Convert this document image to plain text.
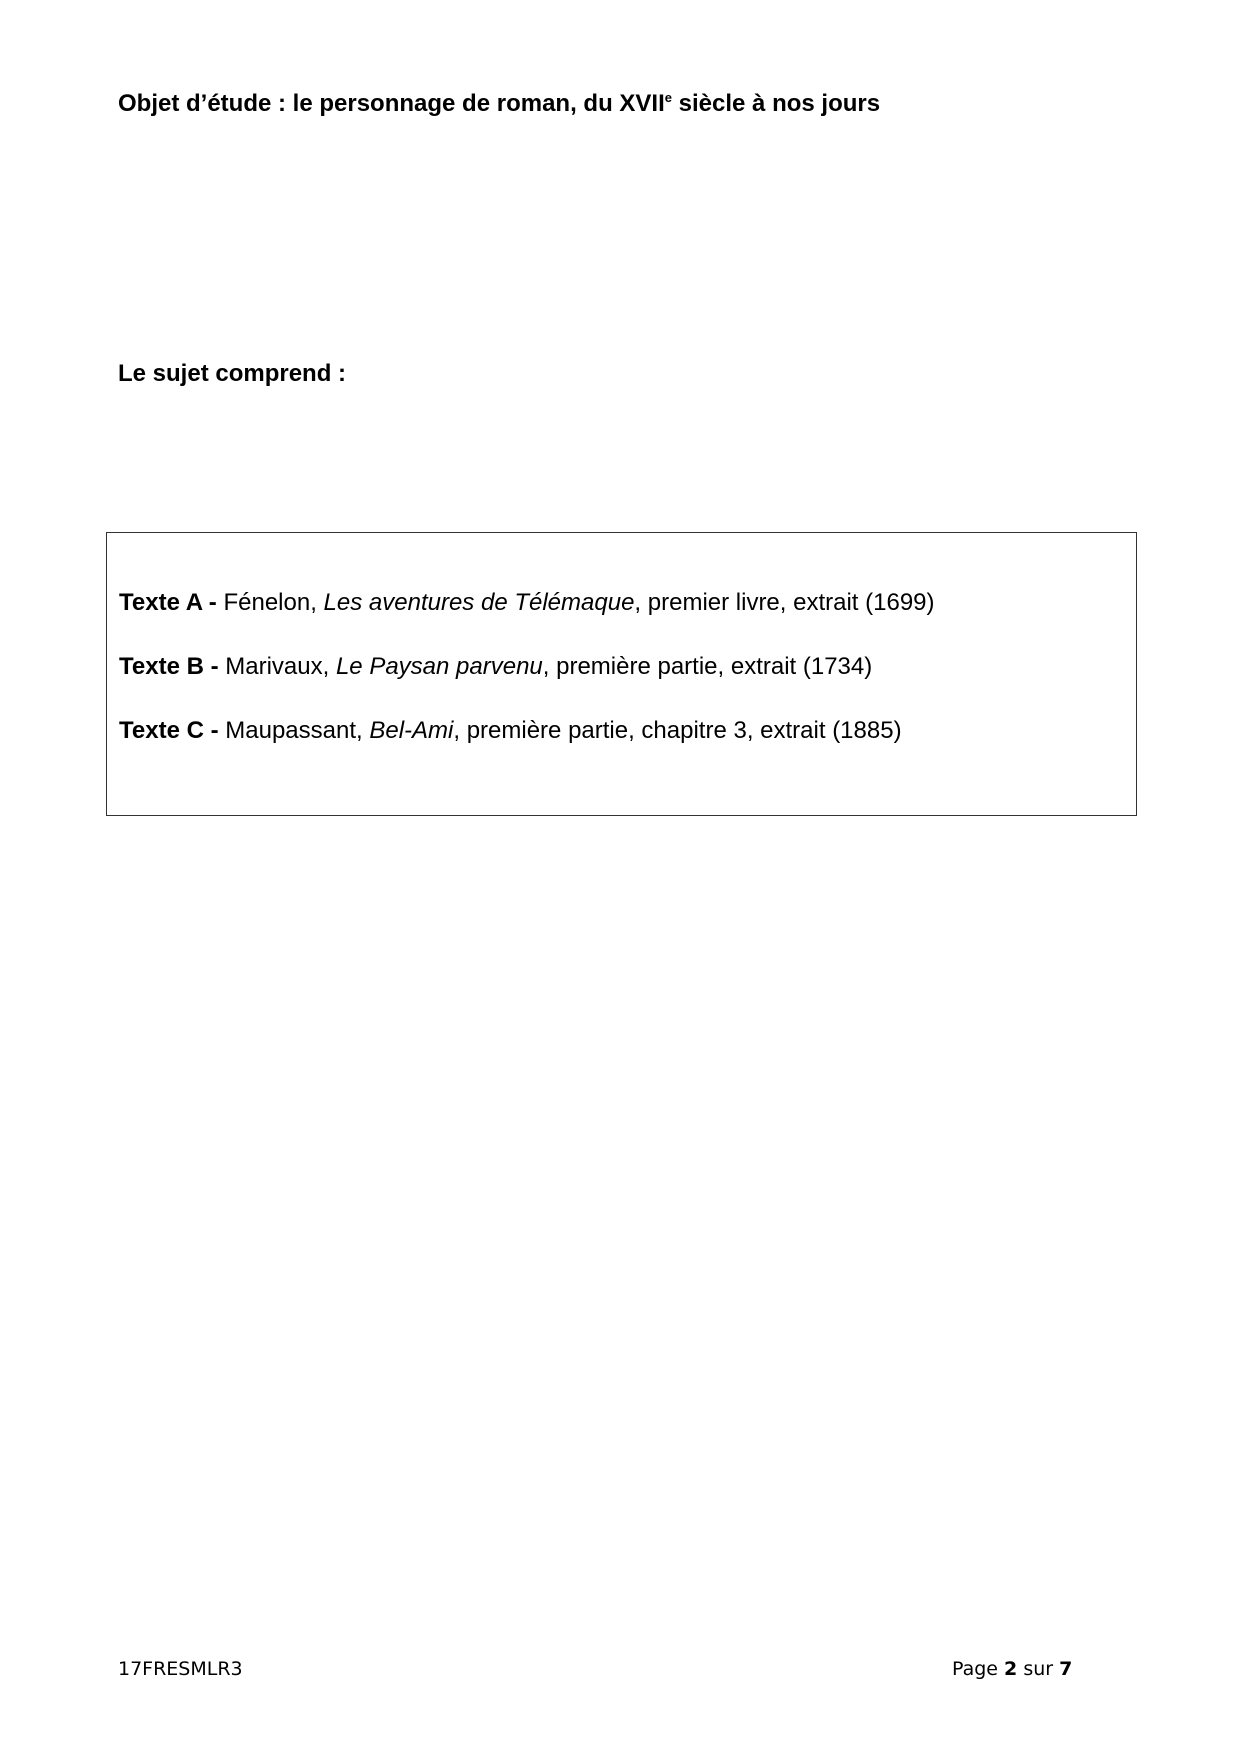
Objet d’étude : le personnage de roman, du XVIIe siècle à nos jours
Le sujet comprend :
Texte A - Fénelon, Les aventures de Télémaque, premier livre, extrait (1699)
Texte B - Marivaux, Le Paysan parvenu, première partie, extrait (1734)
Texte C - Maupassant, Bel-Ami, première partie, chapitre 3, extrait (1885)
17FRESMLR3	Page 2 sur 7
